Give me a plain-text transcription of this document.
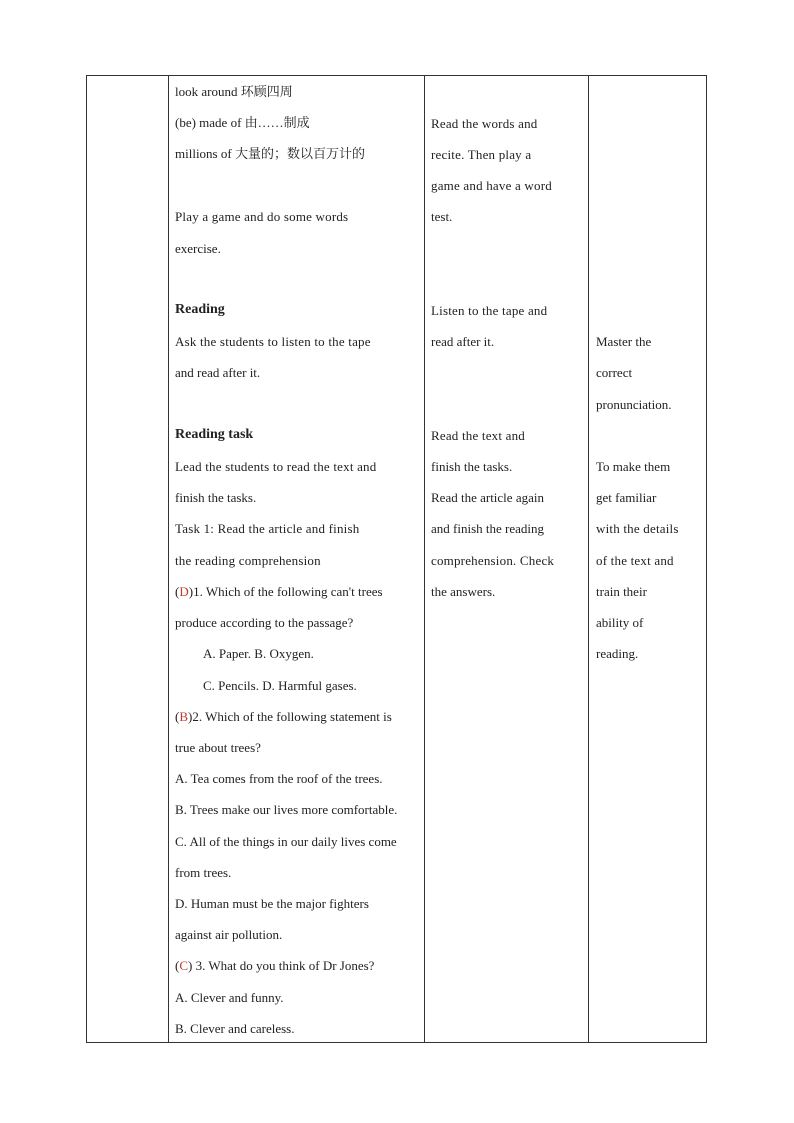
look around 环顾四周
(be) made of 由……制成
millions of 大量的；数以百万计的
Play a game and do some words
exercise.
Reading
Ask the students to listen to the tape
and read after it.
Reading task
Lead the students to read the text and
finish the tasks.
Task 1: Read the article and finish
the reading comprehension
(D)1. Which of the following can't trees
produce according to the passage?
A. Paper. B. Oxygen.
C. Pencils. D. Harmful gases.
(B)2. Which of the following statement is
true about trees?
A. Tea comes from the roof of the trees.
B. Trees make our lives more comfortable.
C. All of the things in our daily lives come
from trees.
D. Human must be the major fighters
against air pollution.
(C) 3. What do you think of Dr Jones?
A. Clever and funny.
B. Clever and careless.
Read the words and
recite. Then play a
game and have a word
test.
Listen to the tape and
read after it.
Read the text and
finish the tasks.
Read the article again
and finish the reading
comprehension. Check
the answers.
Master the
correct
pronunciation.
To make them
get familiar
with the details
of the text and
train their
ability of
reading.
